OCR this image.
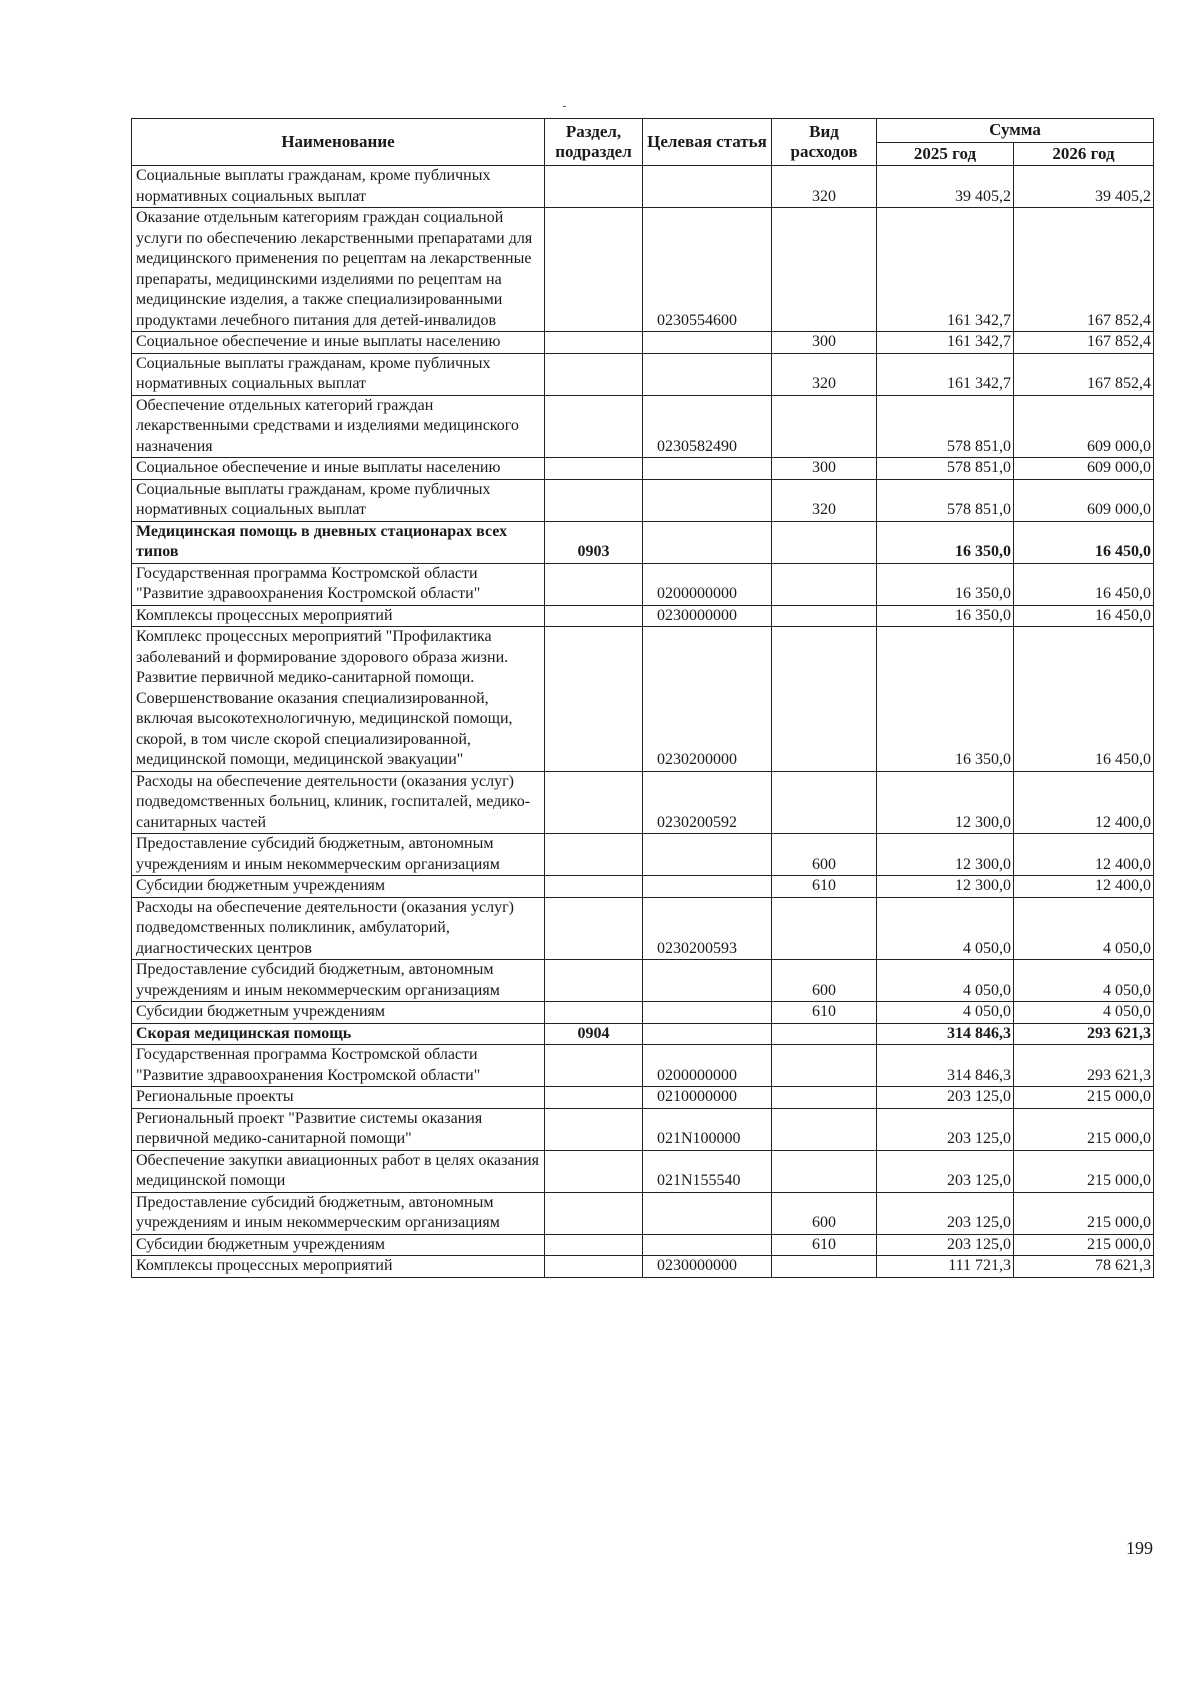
Наименование	Раздел, подраздел	Целевая статья	Вид расходов	Сумма	
				2025 год	2026 год
Социальные выплаты гражданам, кроме публичных нормативных социальных выплат			320	39 405,2	39 405,2
Оказание отдельным категориям граждан социальной услуги по обеспечению лекарственными препаратами для медицинского применения по рецептам на лекарственные препараты, медицинскими изделиями по рецептам на медицинские изделия, а также специализированными продуктами лечебного питания для детей-инвалидов		0230554600		161 342,7	167 852,4
Социальное обеспечение и иные выплаты населению			300	161 342,7	167 852,4
Социальные выплаты гражданам, кроме публичных нормативных социальных выплат			320	161 342,7	167 852,4
Обеспечение отдельных категорий граждан лекарственными средствами и изделиями медицинского назначения		0230582490		578 851,0	609 000,0
Социальное обеспечение и иные выплаты населению			300	578 851,0	609 000,0
Социальные выплаты гражданам, кроме публичных нормативных социальных выплат			320	578 851,0	609 000,0
Медицинская помощь в дневных стационарах всех типов	0903			16 350,0	16 450,0
Государственная программа Костромской области "Развитие здравоохранения Костромской области"		0200000000		16 350,0	16 450,0
Комплексы процессных мероприятий		0230000000		16 350,0	16 450,0
Комплекс процессных мероприятий "Профилактика заболеваний и формирование здорового образа жизни. Развитие первичной медико-санитарной помощи. Совершенствование оказания специализированной, включая высокотехнологичную, медицинской помощи, скорой, в том числе скорой специализированной, медицинской помощи, медицинской эвакуации"		0230200000		16 350,0	16 450,0
Расходы на обеспечение деятельности (оказания услуг) подведомственных больниц, клиник, госпиталей, медико-санитарных частей		0230200592		12 300,0	12 400,0
Предоставление субсидий бюджетным, автономным учреждениям и иным некоммерческим организациям			600	12 300,0	12 400,0
Субсидии бюджетным учреждениям			610	12 300,0	12 400,0
Расходы на обеспечение деятельности (оказания услуг) подведомственных поликлиник, амбулаторий, диагностических центров		0230200593		4 050,0	4 050,0
Предоставление субсидий бюджетным, автономным учреждениям и иным некоммерческим организациям			600	4 050,0	4 050,0
Субсидии бюджетным учреждениям			610	4 050,0	4 050,0
Скорая медицинская помощь	0904			314 846,3	293 621,3
Государственная программа Костромской области "Развитие здравоохранения Костромской области"		0200000000		314 846,3	293 621,3
Региональные проекты		0210000000		203 125,0	215 000,0
Региональный проект "Развитие системы оказания первичной медико-санитарной помощи"		021N100000		203 125,0	215 000,0
Обеспечение закупки авиационных работ в целях оказания медицинской помощи		021N155540		203 125,0	215 000,0
Предоставление субсидий бюджетным, автономным учреждениям и иным некоммерческим организациям			600	203 125,0	215 000,0
Субсидии бюджетным учреждениям			610	203 125,0	215 000,0
Комплексы процессных мероприятий		0230000000		111 721,3	78 621,3
199
